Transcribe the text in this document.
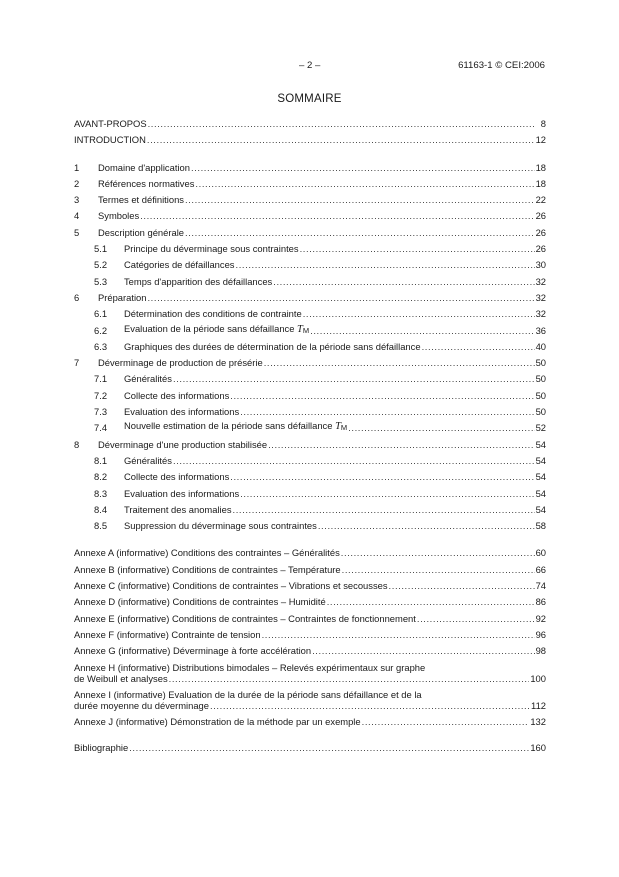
– 2 –	61163-1 © CEI:2006
SOMMAIRE
AVANT-PROPOS .....	8
INTRODUCTION .....	12
1	Domaine d'application .....	18
2	Références normatives .....	18
3	Termes et définitions .....	22
4	Symboles .....	26
5	Description générale .....	26
5.1	Principe du déverminage sous contraintes .....	26
5.2	Catégories de défaillances .....	30
5.3	Temps d'apparition des défaillances .....	32
6	Préparation .....	32
6.1	Détermination des conditions de contrainte .....	32
6.2	Evaluation de la période sans défaillance $T_M$ .....	36
6.3	Graphiques des durées de détermination de la période sans défaillance .....	40
7	Déverminage de production de présérie .....	50
7.1	Généralités .....	50
7.2	Collecte des informations .....	50
7.3	Evaluation des informations .....	50
7.4	Nouvelle estimation de la période sans défaillance $T_M$ .....	52
8	Déverminage d'une production stabilisée .....	54
8.1	Généralités .....	54
8.2	Collecte des informations .....	54
8.3	Evaluation des informations .....	54
8.4	Traitement des anomalies .....	54
8.5	Suppression du déverminage sous contraintes .....	58
Annexe A (informative) Conditions des contraintes – Généralités .....	60
Annexe B (informative) Conditions de contraintes – Température .....	66
Annexe C (informative) Conditions de contraintes – Vibrations et secousses .....	74
Annexe D (informative) Conditions de contraintes – Humidité .....	86
Annexe E (informative) Conditions de contraintes – Contraintes de fonctionnement .....	92
Annexe F (informative) Contrainte de tension .....	96
Annexe G (informative) Déverminage à forte accélération .....	98
Annexe H (informative) Distributions bimodales – Relevés expérimentaux sur graphe
de Weibull et analyses .....	100
Annexe I (informative) Evaluation de la durée de la période sans défaillance et de la
durée moyenne du déverminage .....	112
Annexe J (informative) Démonstration de la méthode par un exemple .....	132
Bibliographie .....	160
